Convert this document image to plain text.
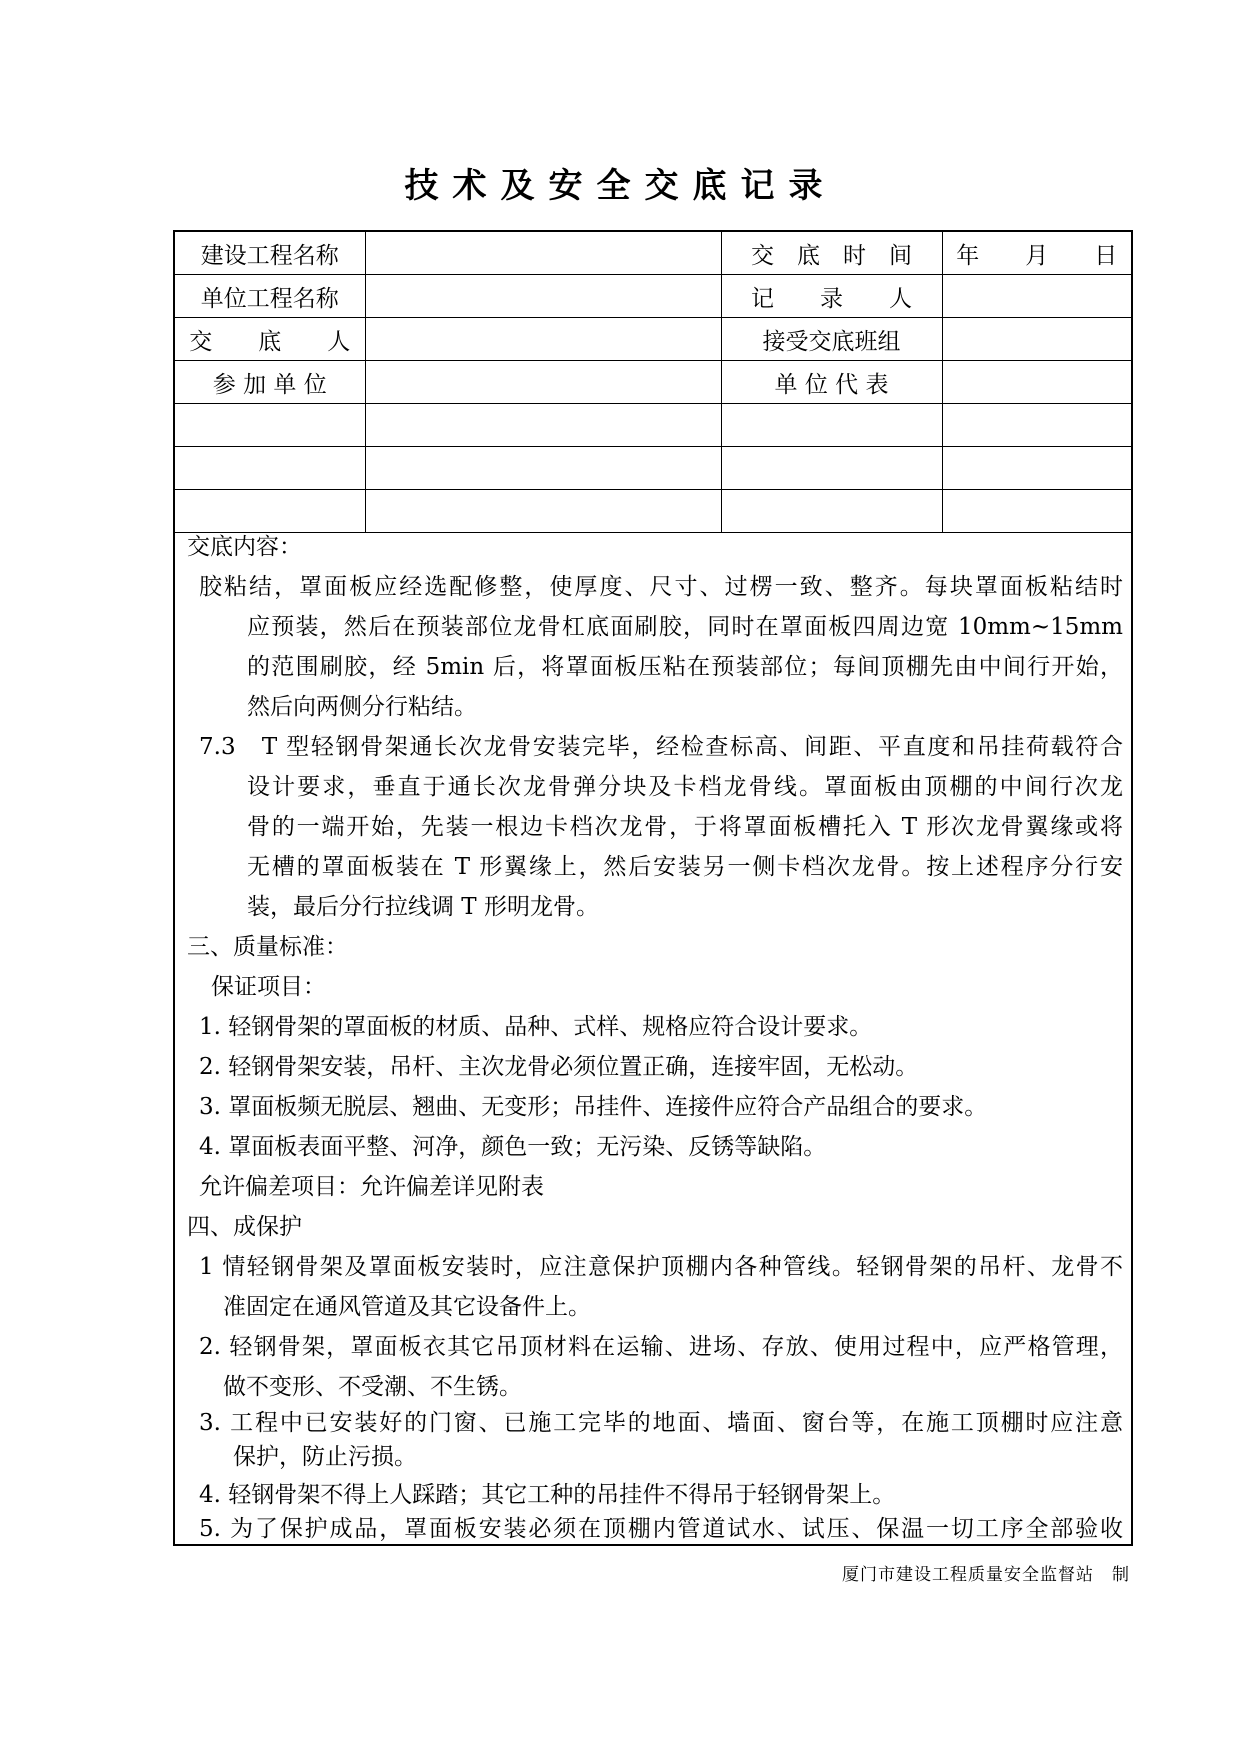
技术及安全交底记录
建设工程名称		交　底　时　间	年　　月　　日
单位工程名称		记　　录　　人	
交　　底　　人		接受交底班组	
参 加 单 位		单 位 代 表	

交底内容：
胶粘结，罩面板应经选配修整，使厚度、尺寸、过楞一致、整齐。每块罩面板粘结时
应预装，然后在预装部位龙骨杠底面刷胶，同时在罩面板四周边宽 10mm~15mm
的范围刷胶，经 5min 后，将罩面板压粘在预装部位；每间顶棚先由中间行开始，
然后向两侧分行粘结。
7.3　T 型轻钢骨架通长次龙骨安装完毕，经检查标高、间距、平直度和吊挂荷载符合
设计要求，垂直于通长次龙骨弹分块及卡档龙骨线。罩面板由顶棚的中间行次龙
骨的一端开始，先装一根边卡档次龙骨，于将罩面板槽托入 T 形次龙骨翼缘或将
无槽的罩面板装在 T 形翼缘上，然后安装另一侧卡档次龙骨。按上述程序分行安
装，最后分行拉线调 T 形明龙骨。
三、质量标准：
保证项目：
1. 轻钢骨架的罩面板的材质、品种、式样、规格应符合设计要求。
2. 轻钢骨架安装，吊杆、主次龙骨必须位置正确，连接牢固，无松动。
3. 罩面板频无脱层、翘曲、无变形；吊挂件、连接件应符合产品组合的要求。
4. 罩面板表面平整、河净，颜色一致；无污染、反锈等缺陷。
允许偏差项目：允许偏差详见附表
四、成保护
1 情轻钢骨架及罩面板安装时，应注意保护顶棚内各种管线。轻钢骨架的吊杆、龙骨不
准固定在通风管道及其它设备件上。
2. 轻钢骨架，罩面板衣其它吊顶材料在运输、进场、存放、使用过程中，应严格管理，
做不变形、不受潮、不生锈。
3. 工程中已安装好的门窗、已施工完毕的地面、墙面、窗台等，在施工顶棚时应注意
保护，防止污损。
4. 轻钢骨架不得上人踩踏；其它工种的吊挂件不得吊于轻钢骨架上。
5. 为了保护成品，罩面板安装必须在顶棚内管道试水、试压、保温一切工序全部验收
厦门市建设工程质量安全监督站　制
